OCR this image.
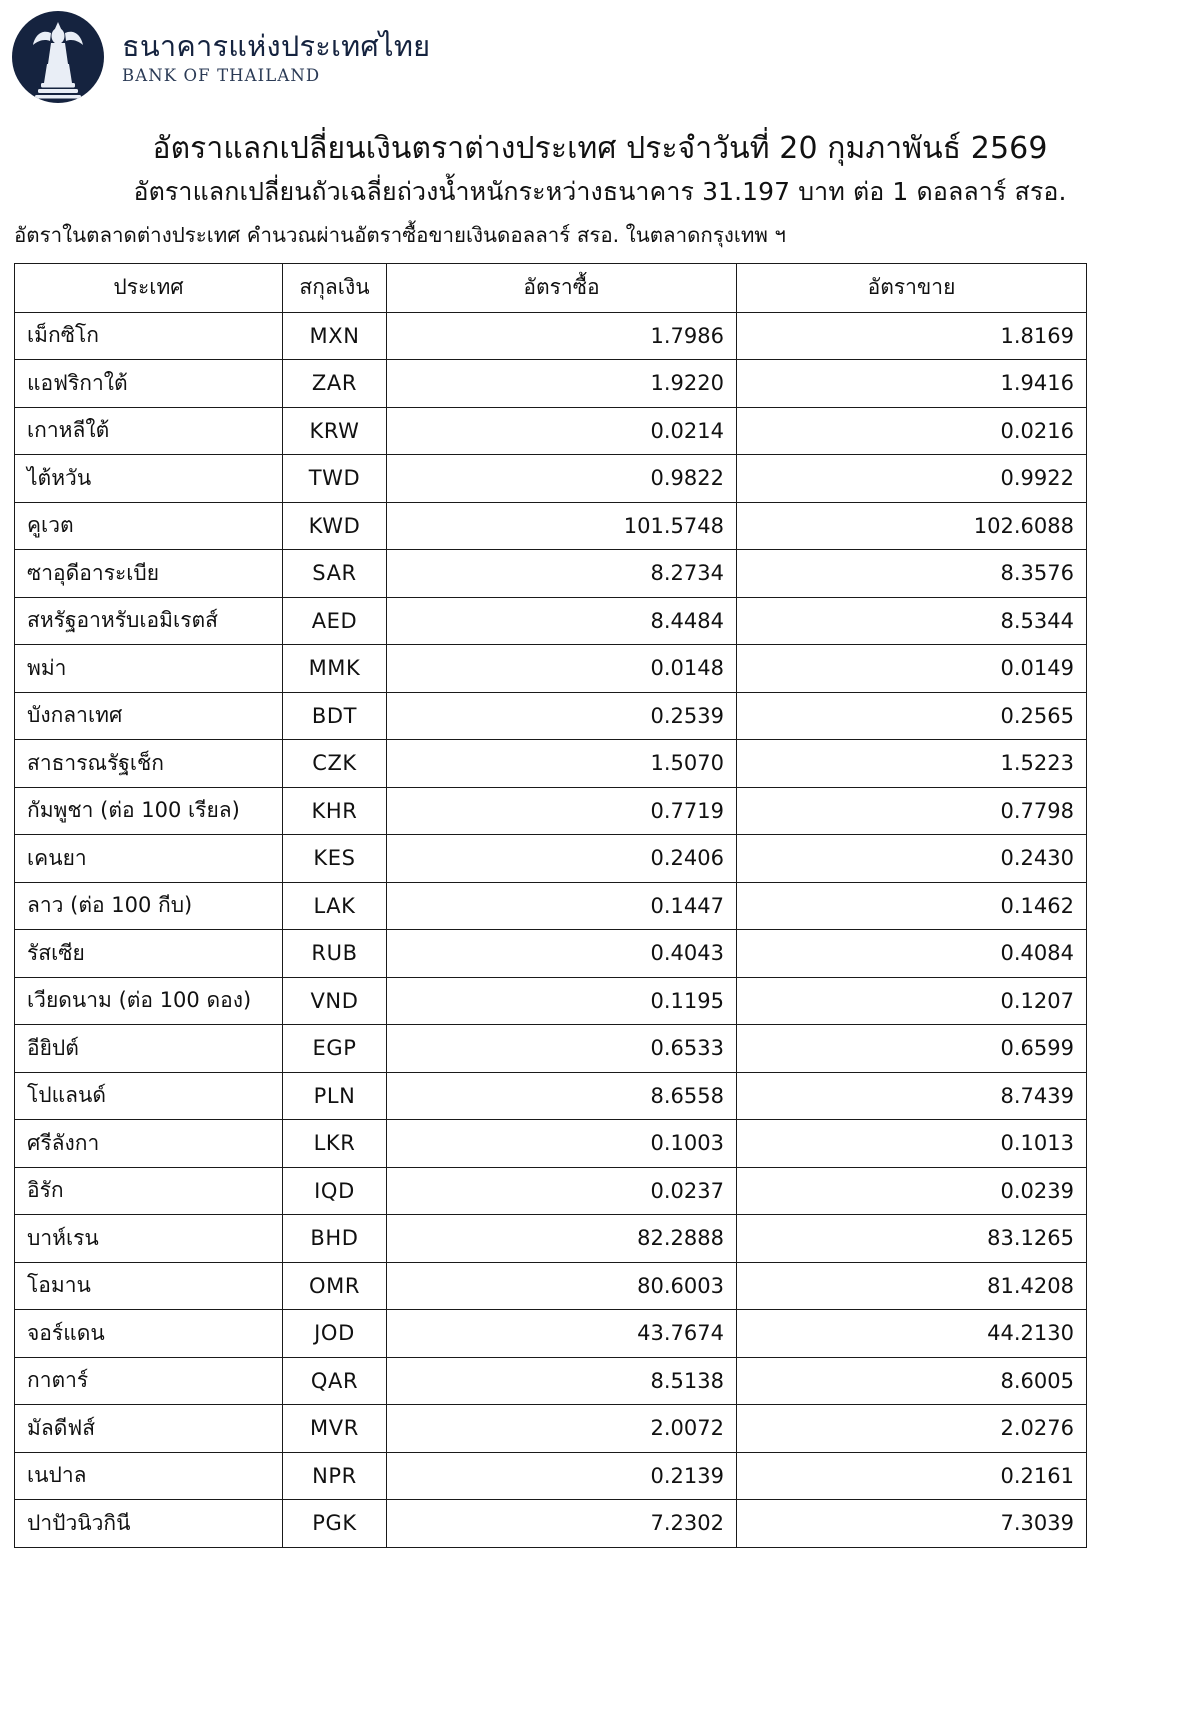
ธนาคารแห่งประเทศไทย
BANK OF THAILAND
อัตราแลกเปลี่ยนเงินตราต่างประเทศ ประจำวันที่ 20 กุมภาพันธ์ 2569
อัตราแลกเปลี่ยนถัวเฉลี่ยถ่วงน้ำหนักระหว่างธนาคาร 31.197 บาท ต่อ 1 ดอลลาร์ สรอ.
อัตราในตลาดต่างประเทศ คำนวณผ่านอัตราซื้อขายเงินดอลลาร์ สรอ. ในตลาดกรุงเทพ ฯ
ประเทศ	สกุลเงิน	อัตราซื้อ	อัตราขาย
เม็กซิโก	MXN	1.7986	1.8169
แอฟริกาใต้	ZAR	1.9220	1.9416
เกาหลีใต้	KRW	0.0214	0.0216
ไต้หวัน	TWD	0.9822	0.9922
คูเวต	KWD	101.5748	102.6088
ซาอุดีอาระเบีย	SAR	8.2734	8.3576
สหรัฐอาหรับเอมิเรตส์	AED	8.4484	8.5344
พม่า	MMK	0.0148	0.0149
บังกลาเทศ	BDT	0.2539	0.2565
สาธารณรัฐเช็ก	CZK	1.5070	1.5223
กัมพูชา (ต่อ 100 เรียล)	KHR	0.7719	0.7798
เคนยา	KES	0.2406	0.2430
ลาว (ต่อ 100 กีบ)	LAK	0.1447	0.1462
รัสเซีย	RUB	0.4043	0.4084
เวียดนาม (ต่อ 100 ดอง)	VND	0.1195	0.1207
อียิปต์	EGP	0.6533	0.6599
โปแลนด์	PLN	8.6558	8.7439
ศรีลังกา	LKR	0.1003	0.1013
อิรัก	IQD	0.0237	0.0239
บาห์เรน	BHD	82.2888	83.1265
โอมาน	OMR	80.6003	81.4208
จอร์แดน	JOD	43.7674	44.2130
กาตาร์	QAR	8.5138	8.6005
มัลดีฟส์	MVR	2.0072	2.0276
เนปาล	NPR	0.2139	0.2161
ปาปัวนิวกินี	PGK	7.2302	7.3039
